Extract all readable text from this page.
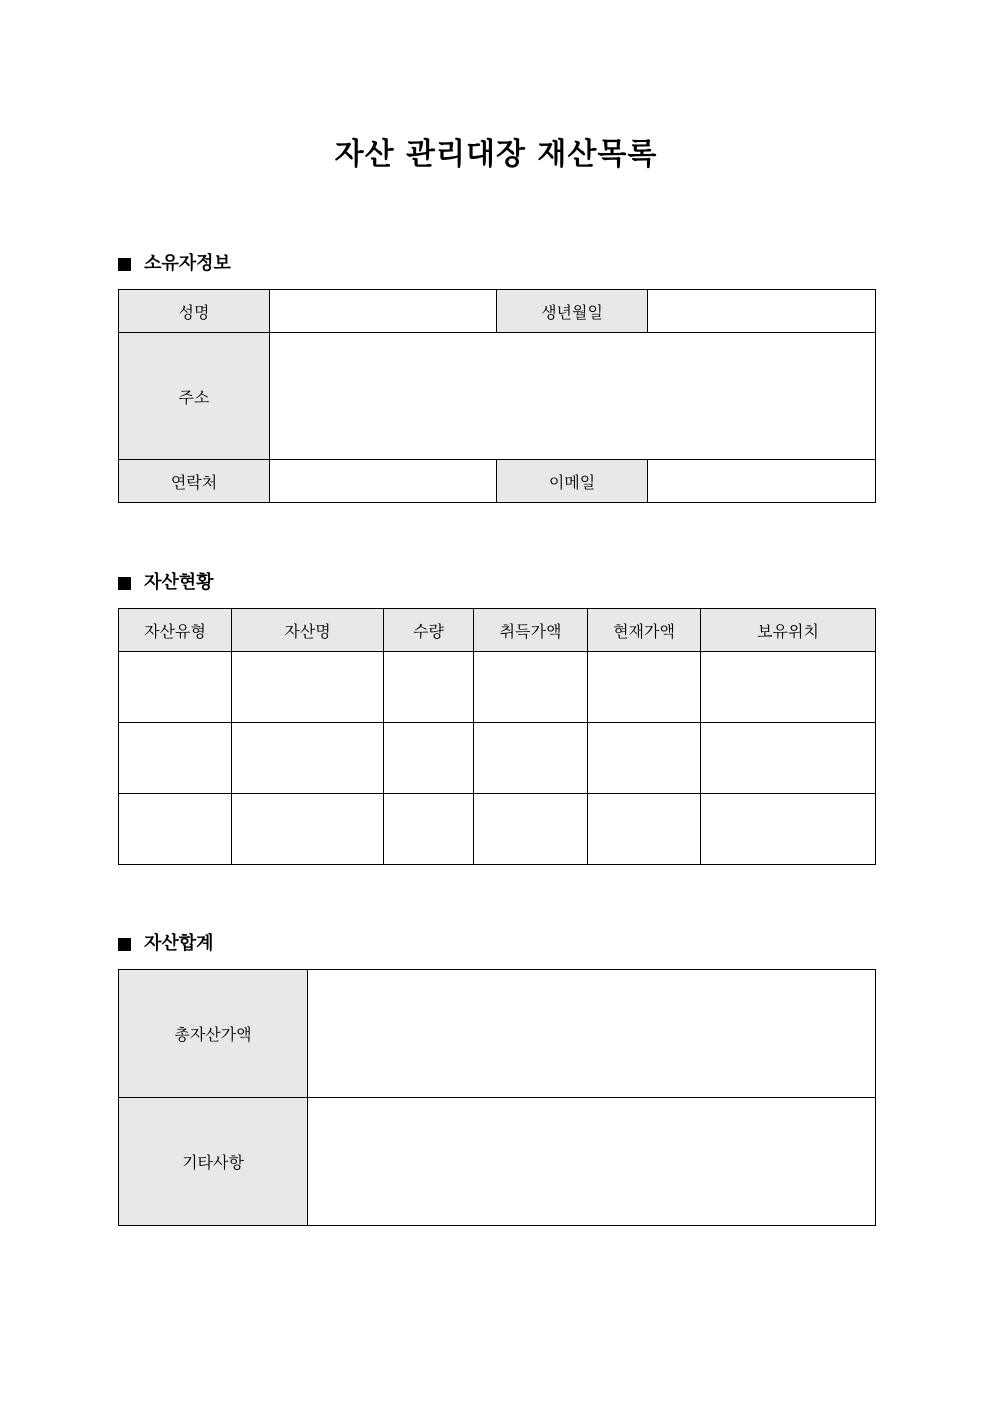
자산 관리대장 재산목록
소유자정보
성명		생년월일	
주소			
연락처		이메일	
자산현황
자산유형	자산명	수량	취득가액	현재가액	보유위치

자산합계
총자산가액	
기타사항	
